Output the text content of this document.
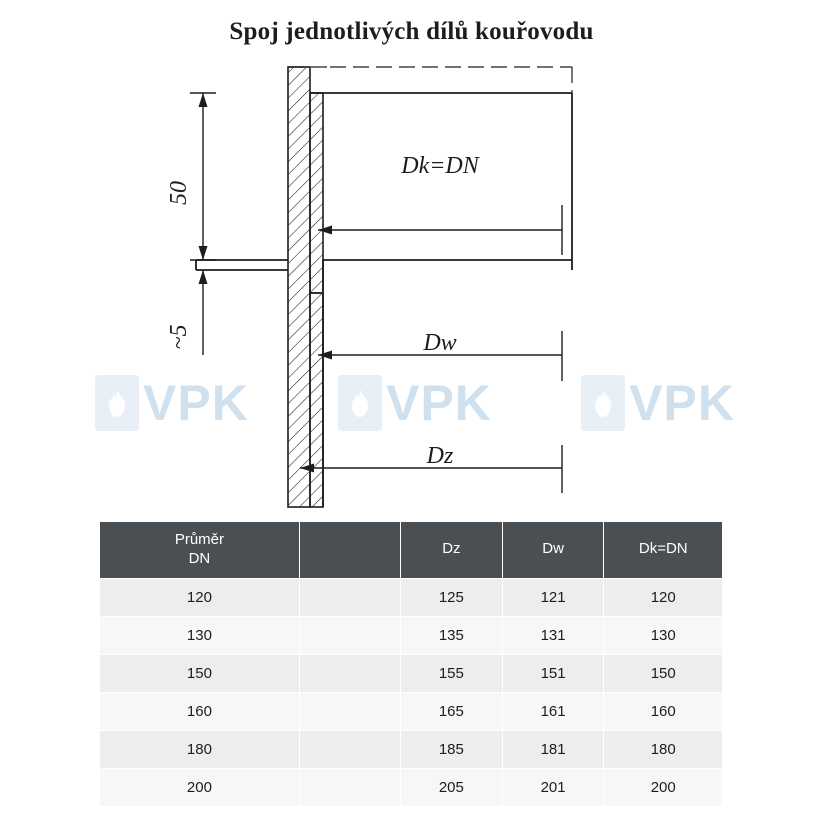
Spoj jednotlivých dílů kouřovodu
50
~5
Dk=DN
Dw
Dz
VPK	VPK	VPK
Průměr
DN		Dz	Dw	Dk=DN
120		125	121	120
130		135	131	130
150		155	151	150
160		165	161	160
180		185	181	180
200		205	201	200
